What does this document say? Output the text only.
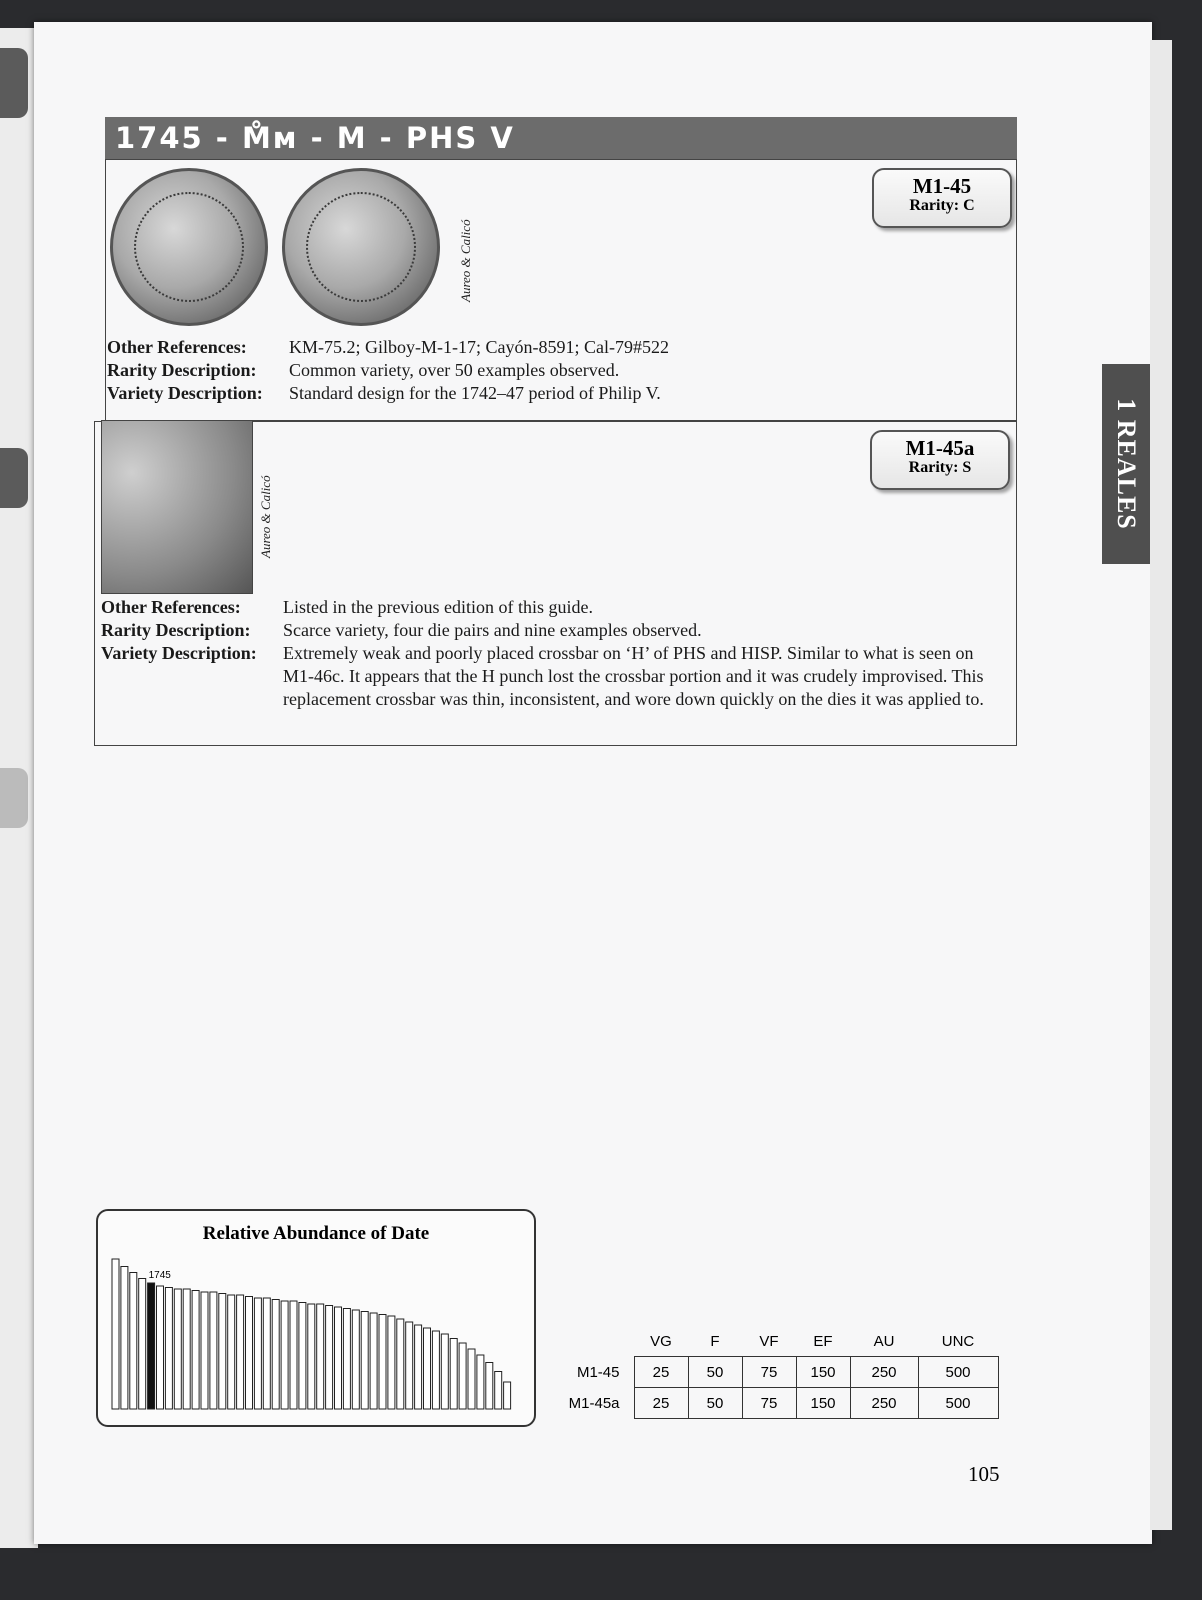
1 REALES
1745 - M̊ᴍ - M - PHS V
Aureo & Calicó
M1-45
Rarity: C
Other References:	KM-75.2; Gilboy-M-1-17; Cayón-8591; Cal-79#522
Rarity Description:	Common variety, over 50 examples observed.
Variety Description:	Standard design for the 1742–47 period of Philip V.
Aureo & Calicó
M1-45a
Rarity: S
Other References:	Listed in the previous edition of this guide.
Rarity Description:	Scarce variety, four die pairs and nine examples observed.
Variety Description:	Extremely weak and poorly placed crossbar on ‘H’ of PHS and HISP. Similar to what is seen on M1-46c. It appears that the H punch lost the crossbar portion and it was crudely improvised. This replacement crossbar was thin, inconsistent, and wore down quickly on the dies it was applied to.
Relative Abundance of Date
1745
	VG	F	VF	EF	AU	UNC
M1-45	25	50	75	150	250	500
M1-45a	25	50	75	150	250	500
105
